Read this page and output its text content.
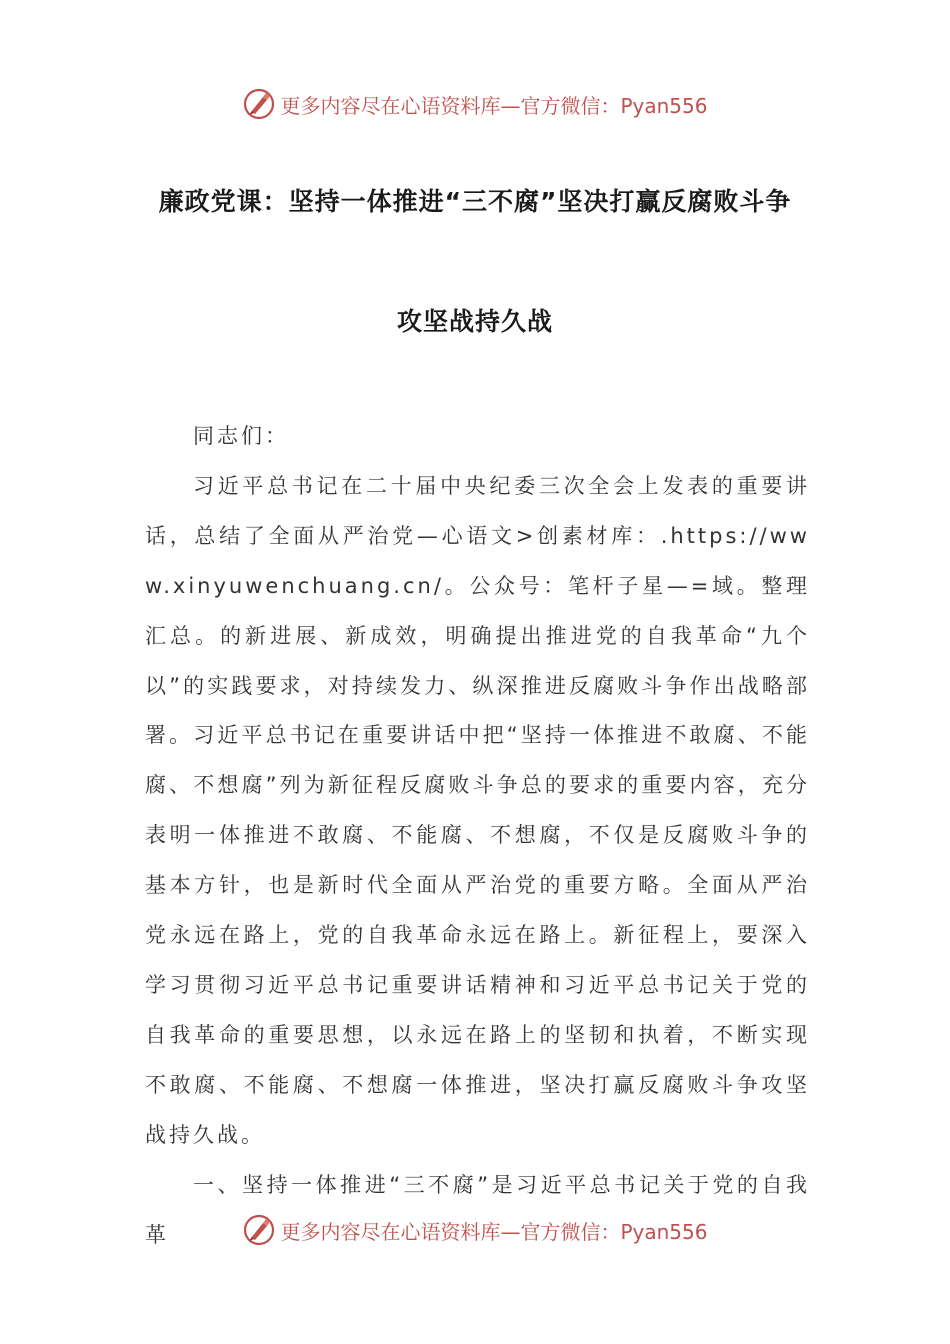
更多内容尽在心语资料库—官方微信：Pyan556
廉政党课：坚持一体推进“三不腐”坚决打赢反腐败斗争
攻坚战持久战

同志们：

习近平总书记在二十届中央纪委三次全会上发表的重要讲话，总结了全面从严治党—心语文>创素材库：.https://www.xinyuwenchuang.cn/。公众号：笔杆子星—=域。整理汇总。的新进展、新成效，明确提出推进党的自我革命“九个以”的实践要求，对持续发力、纵深推进反腐败斗争作出战略部署。习近平总书记在重要讲话中把“坚持一体推进不敢腐、不能腐、不想腐”列为新征程反腐败斗争总的要求的重要内容，充分表明一体推进不敢腐、不能腐、不想腐，不仅是反腐败斗争的基本方针，也是新时代全面从严治党的重要方略。全面从严治党永远在路上，党的自我革命永远在路上。新征程上，要深入学习贯彻习近平总书记重要讲话精神和习近平总书记关于党的自我革命的重要思想，以永远在路上的坚韧和执着，不断实现不敢腐、不能腐、不想腐一体推进，坚决打赢反腐败斗争攻坚战持久战。

一、坚持一体推进“三不腐”是习近平总书记关于党的自我革	更多内容尽在心语资料库—官方微信：Pyan556
